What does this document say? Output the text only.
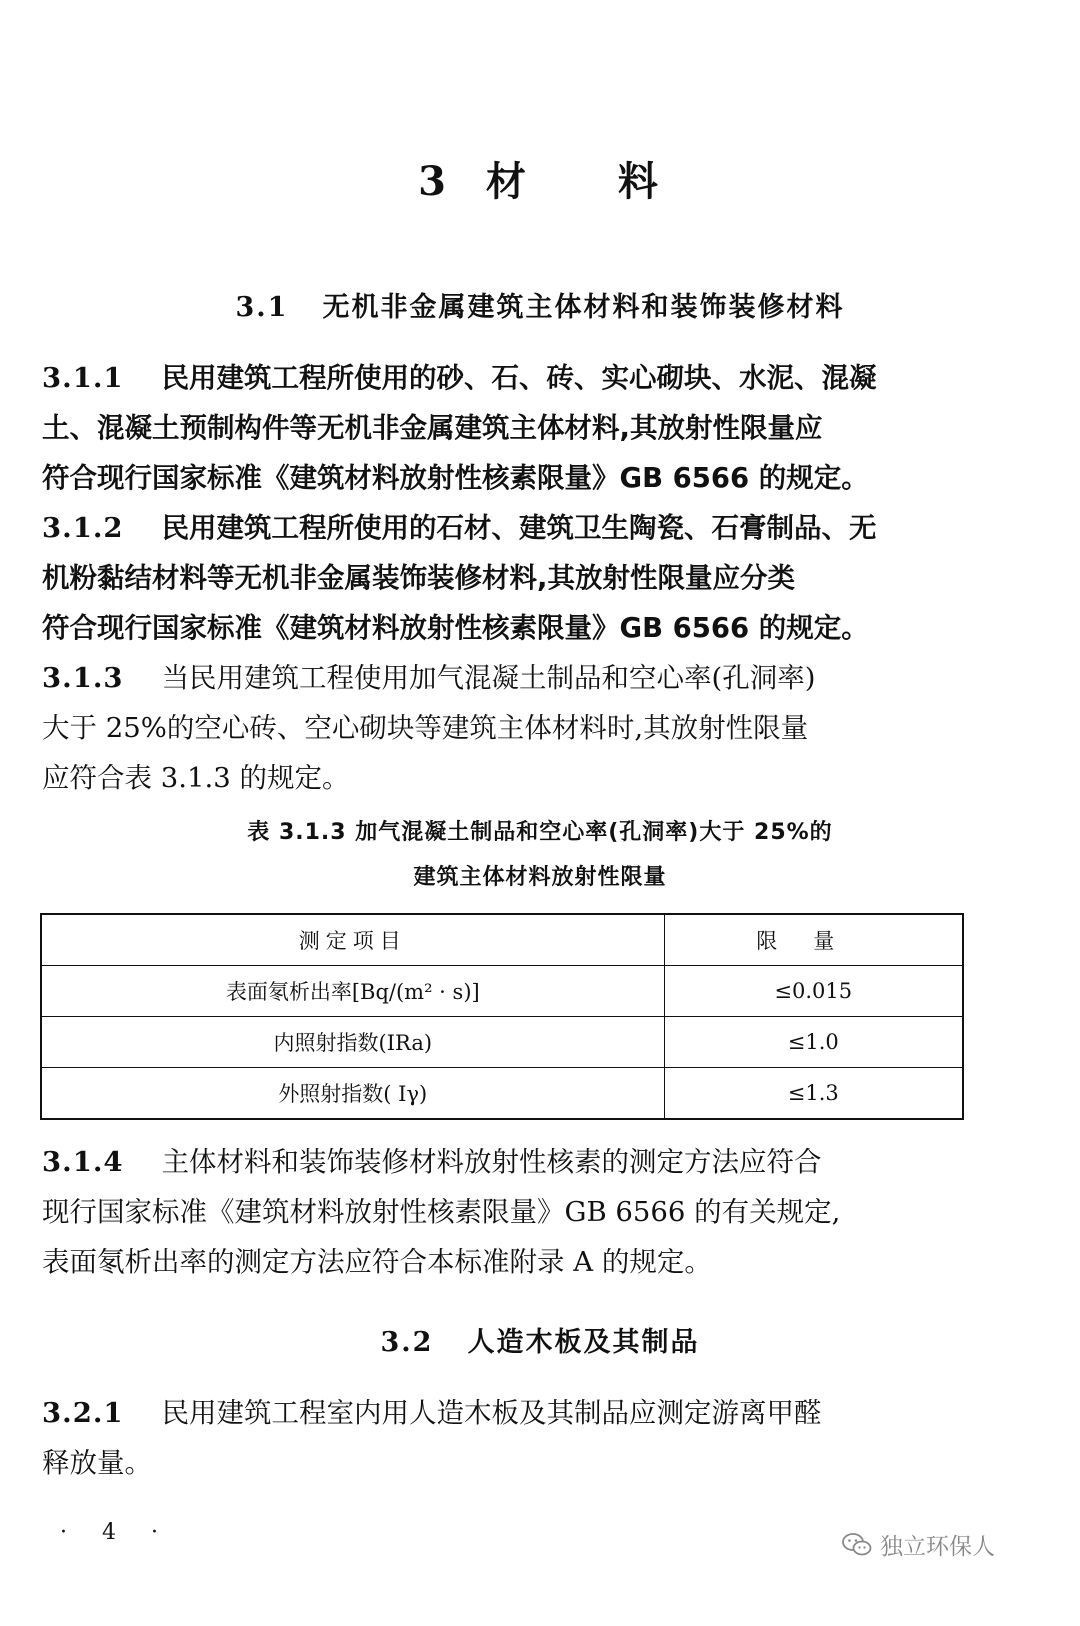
3 材 料
3.1 无机非金属建筑主体材料和装饰装修材料
3.1.1 民用建筑工程所使用的砂、石、砖、实心砌块、水泥、混凝
土、混凝土预制构件等无机非金属建筑主体材料,其放射性限量应
符合现行国家标准《建筑材料放射性核素限量》GB 6566 的规定。
3.1.2 民用建筑工程所使用的石材、建筑卫生陶瓷、石膏制品、无
机粉黏结材料等无机非金属装饰装修材料,其放射性限量应分类
符合现行国家标准《建筑材料放射性核素限量》GB 6566 的规定。
3.1.3 当民用建筑工程使用加气混凝土制品和空心率(孔洞率)
大于 25%的空心砖、空心砌块等建筑主体材料时,其放射性限量
应符合表 3.1.3 的规定。
表 3.1.3 加气混凝土制品和空心率(孔洞率)大于 25%的
建筑主体材料放射性限量
测定项目	限量
表面氡析出率[Bq/(m² · s)]	≤0.015
内照射指数(IRa)	≤1.0
外照射指数( Iγ)	≤1.3
3.1.4 主体材料和装饰装修材料放射性核素的测定方法应符合
现行国家标准《建筑材料放射性核素限量》GB 6566 的有关规定,
表面氡析出率的测定方法应符合本标准附录 A 的规定。
3.2 人造木板及其制品
3.2.1 民用建筑工程室内用人造木板及其制品应测定游离甲醛
释放量。
· 4 ·
独立环保人
